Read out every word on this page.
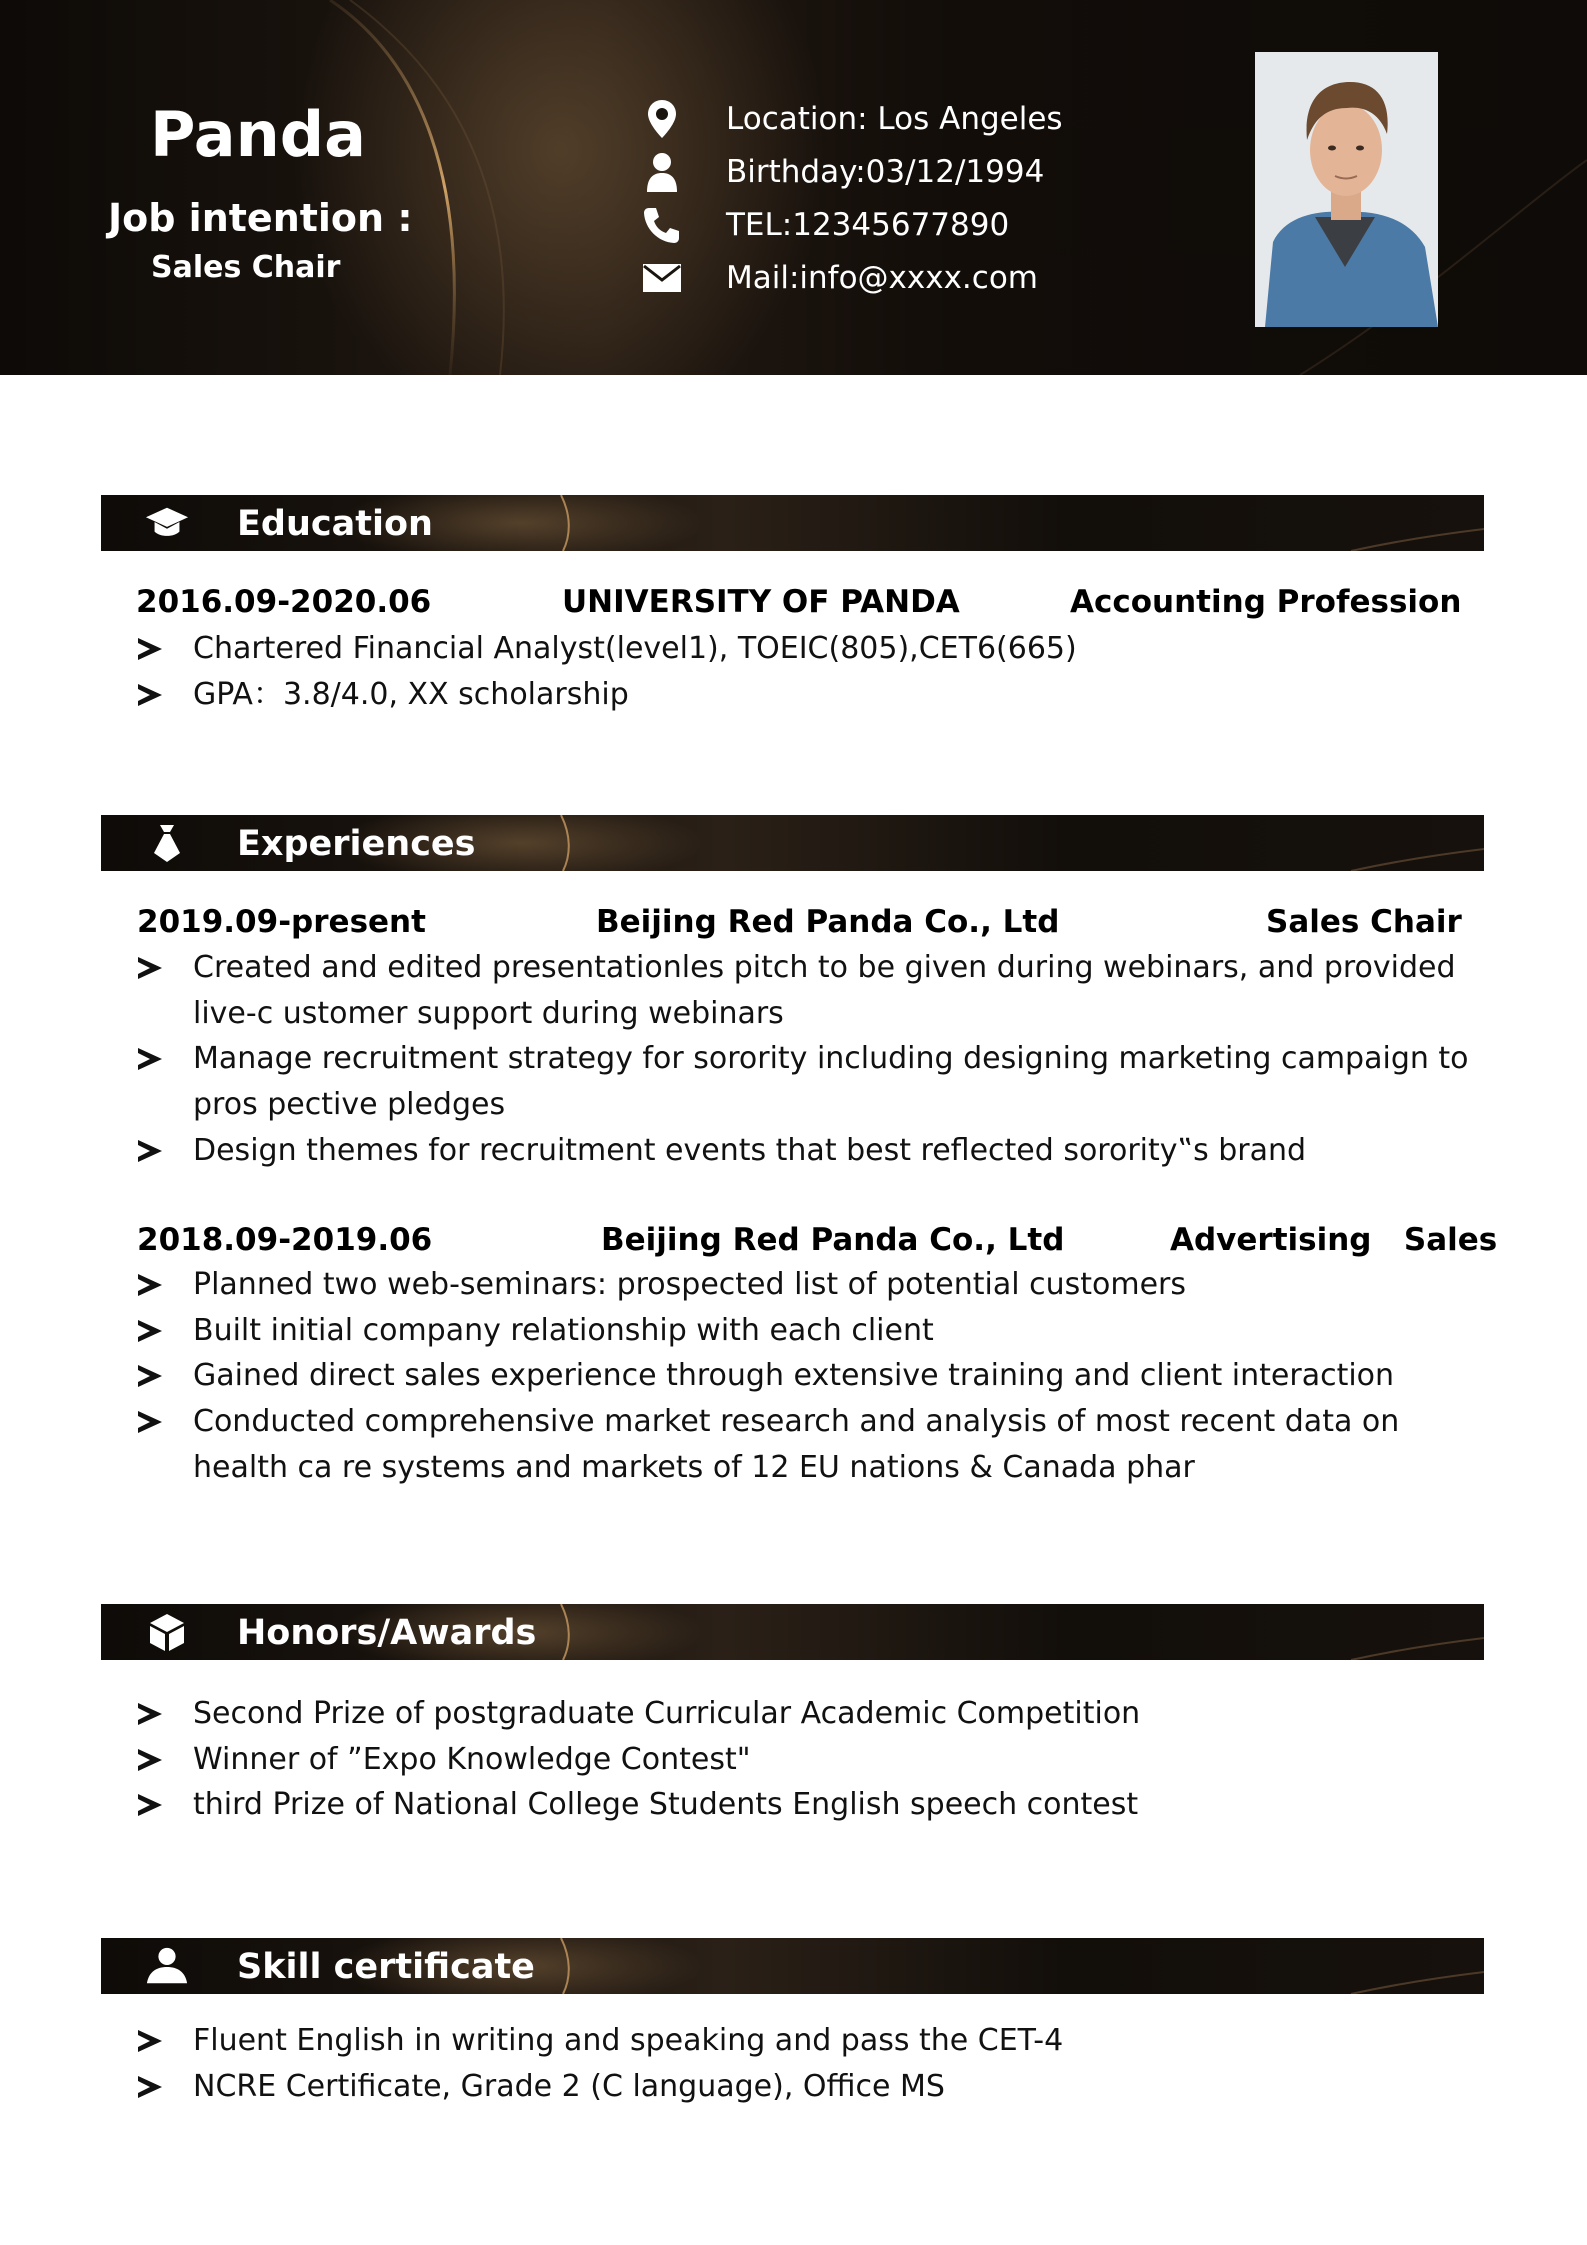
Panda
Job intention :
Sales Chair
Location: Los Angeles
Birthday:03/12/1994
TEL:12345677890
Mail:info@xxxx.com
Education
2016.09-2020.06	UNIVERSITY OF PANDA	Accounting Profession
Chartered Financial Analyst(level1), TOEIC(805),CET6(665)
GPA：3.8/4.0, XX scholarship
Experiences
2019.09-present	Beijing Red Panda Co., Ltd	Sales Chair
Created and edited presentationles pitch to be given during webinars, and provided live-c ustomer support during webinars
Manage recruitment strategy for sorority including designing marketing campaign to pros pective pledges
Design themes for recruitment events that best reflected sorority‟s brand
2018.09-2019.06	Beijing Red Panda Co., Ltd	Advertising   Sales
Planned two web-seminars: prospected list of potential customers
Built initial company relationship with each client
Gained direct sales experience through extensive training and client interaction
Conducted comprehensive market research and analysis of most recent data on health ca re systems and markets of 12 EU nations & Canada phar
Honors/Awards
Second Prize of postgraduate Curricular Academic Competition
Winner of ”Expo Knowledge Contest"
third Prize of National College Students English speech contest
Skill certificate
Fluent English in writing and speaking and pass the CET-4
NCRE Certificate, Grade 2 (C language), Office MS
